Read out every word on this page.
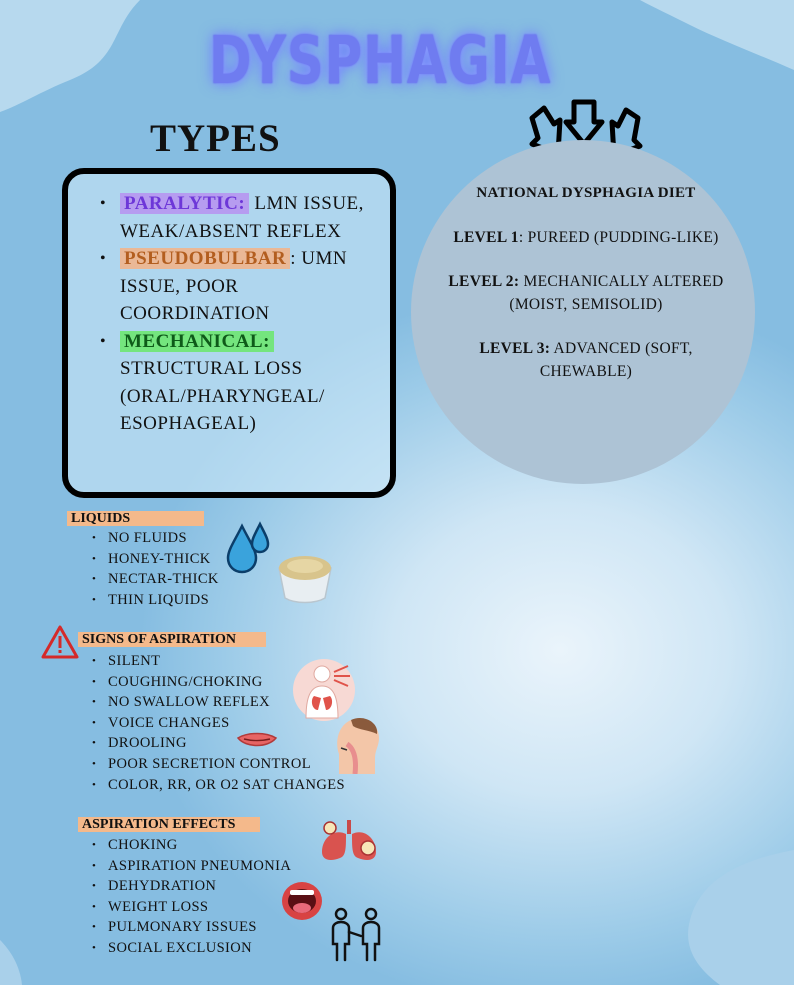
DYSPHAGIA
TYPES
• PARALYTIC: LMN ISSUE, WEAK/ABSENT REFLEX
• PSEUDOBULBAR : UMN ISSUE, POOR COORDINATION
• MECHANICAL: STRUCTURAL LOSS (ORAL/PHARYNGEAL/ ESOPHAGEAL)

NATIONAL DYSPHAGIA DIET

LEVEL 1: PUREED (PUDDING-LIKE)

LEVEL 2: MECHANICALLY ALTERED (MOIST, SEMISOLID)

LEVEL 3: ADVANCED (SOFT, CHEWABLE)

LIQUIDS
• NO FLUIDS
• HONEY-THICK
• NECTAR-THICK
• THIN LIQUIDS
SIGNS OF ASPIRATION
• SILENT
• COUGHING/CHOKING
• NO SWALLOW REFLEX
• VOICE CHANGES
• DROOLING
• POOR SECRETION CONTROL
• COLOR, RR, OR O2 SAT CHANGES
ASPIRATION EFFECTS
• CHOKING
• ASPIRATION PNEUMONIA
• DEHYDRATION
• WEIGHT LOSS
• PULMONARY ISSUES
• SOCIAL EXCLUSION
